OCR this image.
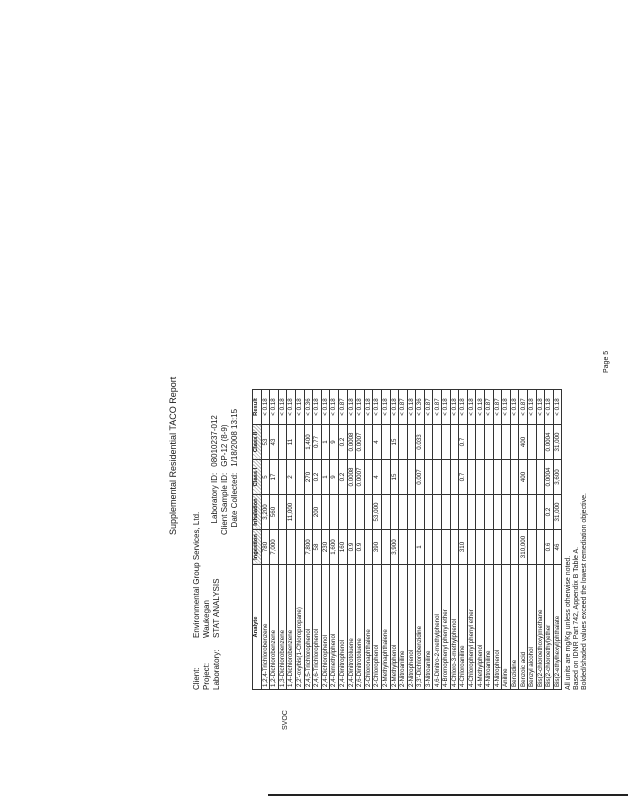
Supplemental Residential TACO Report
Client:Environmental Group Services, Ltd.
Project:Waukegan
Laboratory:STAT ANALYSIS
Laboratory ID:
08010237-012
Client Sample ID:
GP-12 (8-9)
Date Collected:
1/18/2008 13:15
SVOC
Analyte	Ingestion	Inhalation	Class I	Class II	Result
1,2,4-Trichlorobenzene	780	3,200	5	53	< 0.18
1,2-Dichlorobenzene	7,000	560	17	43	< 0.18
1,3-Dichlorobenzene					< 0.18
1,4-Dichlorobenzene		11,000	2	11	< 0.18
2,2'-oxybis(1-Chloropropane)					< 0.18
2,4,5-Trichlorophenol	7,800		270	1,400	< 0.36
2,4,6-Trichlorophenol	58	200	0.2	0.77	< 0.18
2,4-Dichlorophenol	230		1	1	< 0.18
2,4-Dimethylphenol	1,600		9	9	< 0.18
2,4-Dinitrophenol	160		0.2	0.2	< 0.87
2,4-Dinitrotoluene	0.9		0.0008	0.0008	< 0.18
2,6-Dinitrotoluene	0.9		0.0007	0.0007	< 0.18
2-Chloronaphthalene					< 0.18
2-Chlorophenol	390	53,000	4	4	< 0.18
2-Methylnaphthalene					< 0.18
2-Methylphenol	3,900		15	15	< 0.18
2-Nitroaniline					< 0.87
2-Nitrophenol					< 0.18
3,3'-Dichlorobenzidine	1		0.007	0.033	< 0.36
3-Nitroaniline					< 0.87
4,6-Dinitro-2-methylphenol					< 0.87
4-Bromophenyl phenyl ether					< 0.18
4-Chloro-3-methylphenol					< 0.18
4-Chloroaniline	310		0.7	0.7	< 0.18
4-Chlorophenyl phenyl ether					< 0.18
4-Methylphenol					< 0.18
4-Nitroaniline					< 0.87
4-Nitrophenol					< 0.87
Aniline					< 0.18
Benzidine					< 0.18
Benzoic acid	310,000		400	400	< 0.87
Benzyl alcohol					< 0.18
Bis(2-chloroethoxy)methane					< 0.18
Bis(2-chloroethyl)ether	0.6	0.2	0.0004	0.0004	< 0.18
Bis(2-ethylhexyl)phthalate	46	31,000	3,600	31,000	< 0.18
All units are mg/Kg unless otherwise noted. Based on IDNR Part 742, Appendix B Table A. Bolded/shaded values exceed the lowest remediation objective.
Page 5
